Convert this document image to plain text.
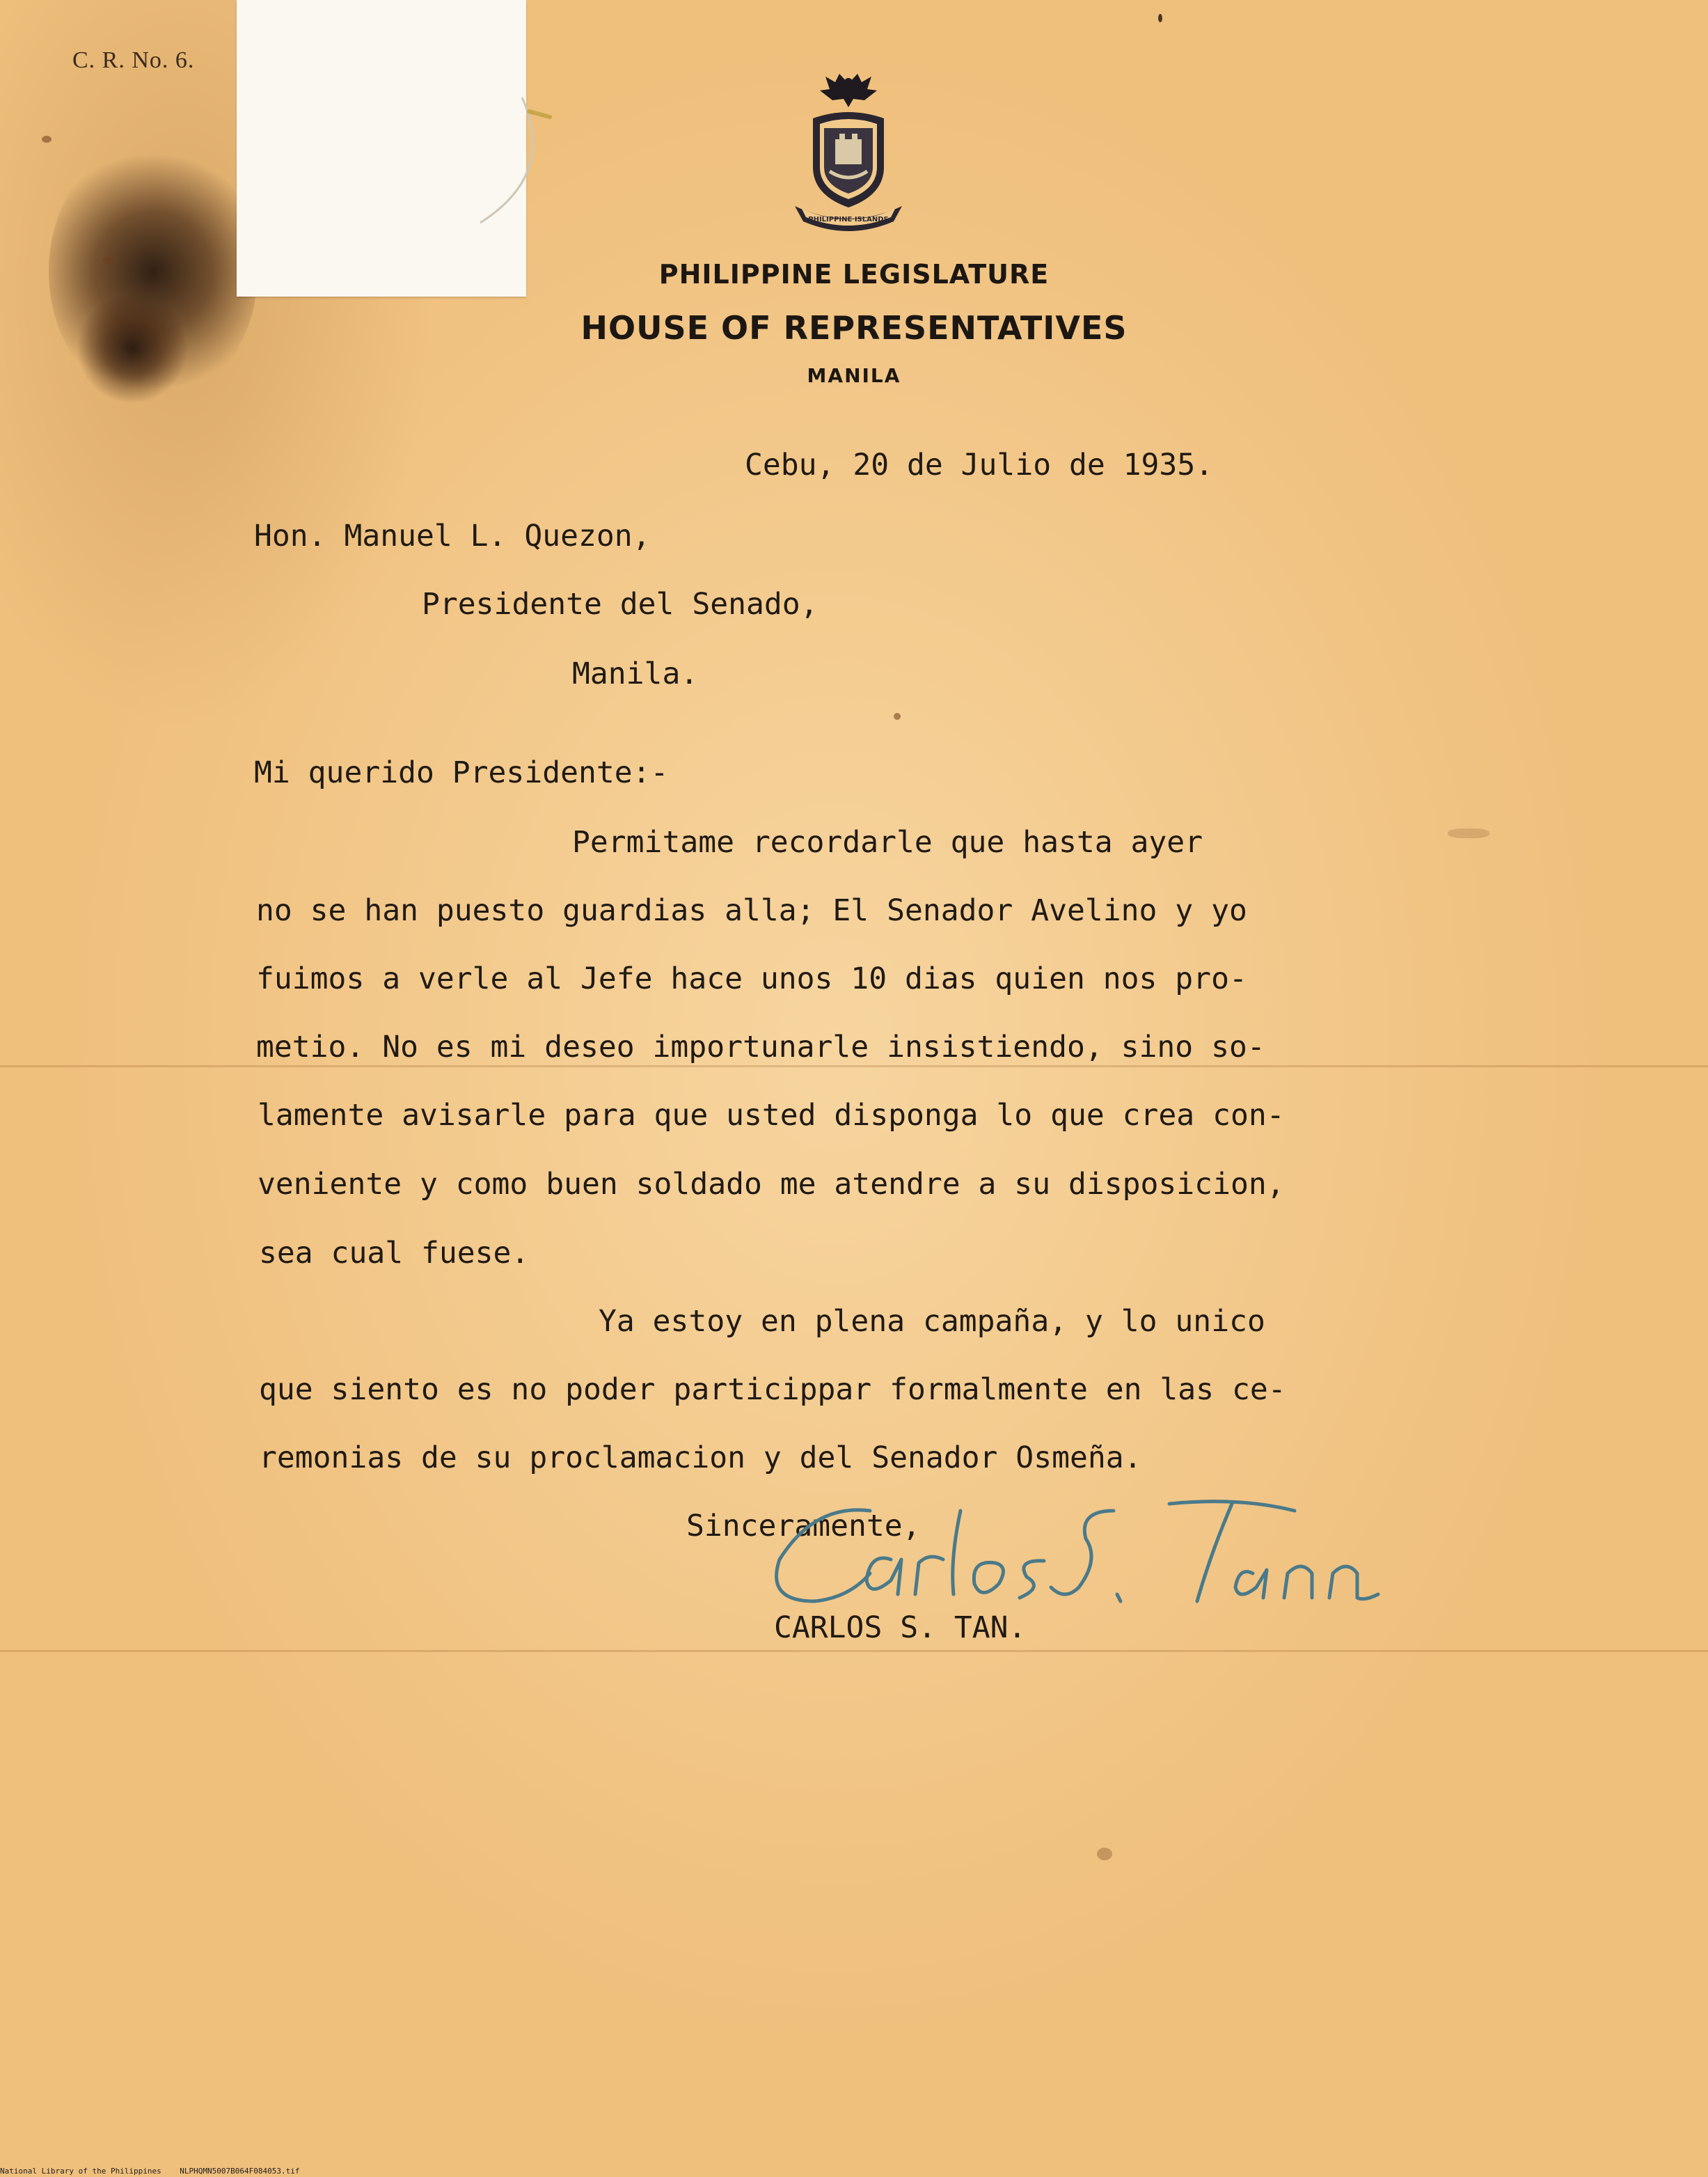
C. R. No. 6.
PHILIPPINE ISLANDS

PHILIPPINE LEGISLATURE

HOUSE OF REPRESENTATIVES

MANILA

Cebu, 20 de Julio de 1935.

Hon. Manuel L. Quezon,

Presidente del Senado,

Manila.

Mi querido Presidente:-

Permitame recordarle que hasta ayer

no se han puesto guardias alla; El Senador Avelino y yo

fuimos a verle al Jefe hace unos 10 dias quien nos pro-

metio. No es mi deseo importunarle insistiendo, sino so-

lamente avisarle para que usted disponga lo que crea con-

veniente y como buen soldado me atendre a su disposicion,

sea cual fuese.

Ya estoy en plena campaña, y lo unico

que siento es no poder particippar formalmente en las ce-

remonias de su proclamacion y del Senador Osmeña.

Sinceramente,

CARLOS S. TAN.

National Library of the Philippines NLPHQMN5007B064F084053.tif
